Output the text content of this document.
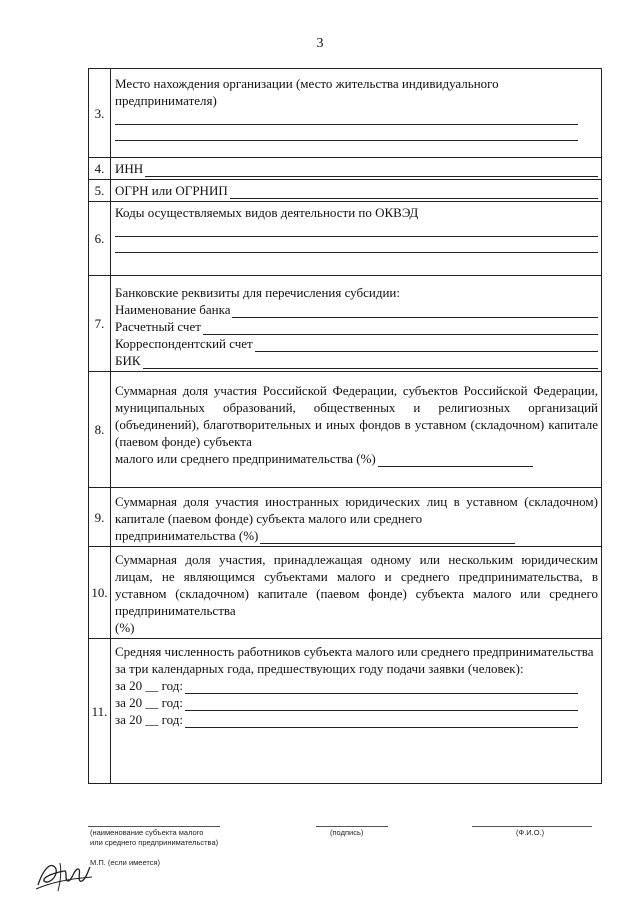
3
3.	Место нахождения организации (место жительства индивидуального предпринимателя)

4.	ИНН

5.	ОГРН или ОГРНИП

6.	Коды осуществляемых видов деятельности по ОКВЭД

7.	Банковские реквизиты для перечисления субсидии:
Наименование банка
Расчетный счет
Корреспондентский счет
БИК

8.	Суммарная доля участия Российской Федерации, субъектов Российской Федерации, муниципальных образований, общественных и религиозных организаций (объединений), благотворительных и иных фондов в уставном (складочном) капитале (паевом фонде) субъекта
малого или среднего предпринимательства (%)

9.	Суммарная доля участия иностранных юридических лиц в уставном (складочном) капитале (паевом фонде) субъекта малого или среднего
предпринимательства (%)

10.	Суммарная доля участия, принадлежащая одному или нескольким юридическим лицам, не являющимся субъектами малого и среднего предпринимательства, в уставном (складочном) капитале (паевом фонде) субъекта малого или среднего предпринимательства
(%)

11.	Средняя численность работников субъекта малого или среднего предпринимательства за три календарных года, предшествующих году подачи заявки (человек):
за 20 __ год:
за 20 __ год:
за 20 __ год:
(наименование субъекта малого
или среднего предпринимательства)
(подпись)	(Ф.И.О.)
М.П. (если имеется)
